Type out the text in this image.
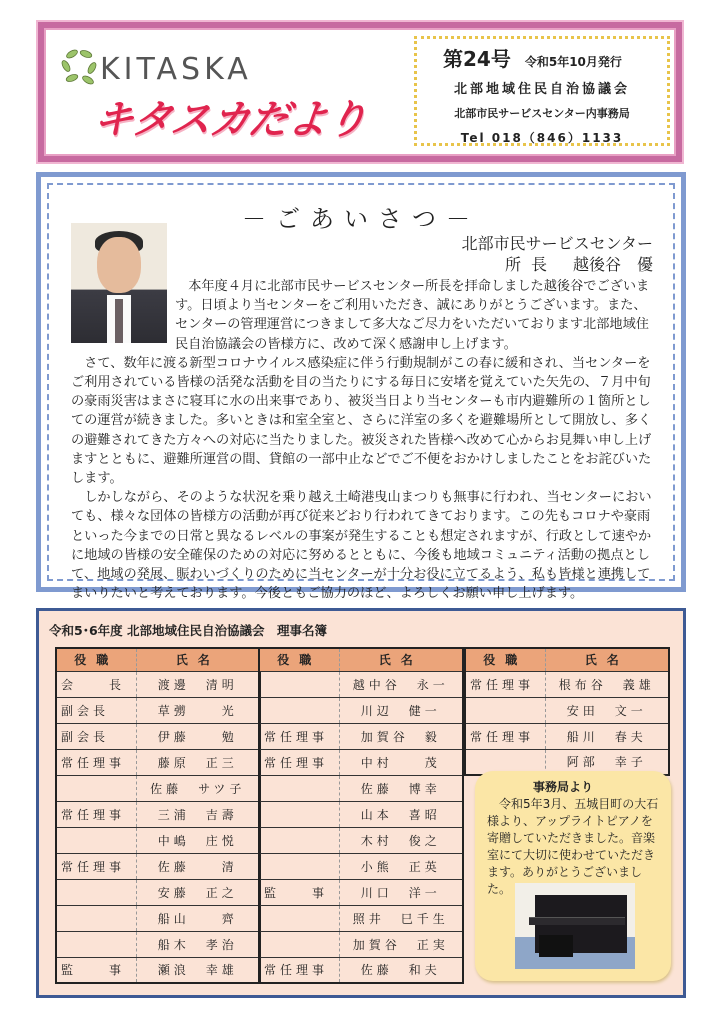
KITASKA
キタスカだより
第24号 令和5年10月発行
北部地域住民自治協議会
北部市民サービスセンター内事務局
Tel 018（846）1133
－ごあいさつ－
北部市民サービスセンター
所長　 越後谷　優

本年度４月に北部市民サービスセンター所長を拝命しました越後谷でございます。日頃より当センターをご利用いただき、誠にありがとうございます。また、センターの管理運営につきまして多大なご尽力をいただいております北部地域住民自治協議会の皆様方に、改めて深く感謝申し上げます。

さて、数年に渡る新型コロナウイルス感染症に伴う行動規制がこの春に緩和され、当センターをご利用されている皆様の活発な活動を目の当たりにする毎日に安堵を覚えていた矢先の、７月中旬の豪雨災害はまさに寝耳に水の出来事であり、被災当日より当センターも市内避難所の１箇所としての運営が続きました。多いときは和室全室と、さらに洋室の多くを避難場所として開放し、多くの避難されてきた方々への対応に当たりました。被災された皆様へ改めて心からお見舞い申し上げますとともに、避難所運営の間、貸館の一部中止などでご不便をおかけしましたことをお詫びいたします。

しかしながら、そのような状況を乗り越え土崎港曳山まつりも無事に行われ、当センターにおいても、様々な団体の皆様方の活動が再び従来どおり行われてきております。この先もコロナや豪雨といった今までの日常と異なるレベルの事案が発生することも想定されますが、行政として速やかに地域の皆様の安全確保のための対応に努めるとともに、今後も地域コミュニティ活動の拠点として、地域の発展、賑わいづくりのために当センターが十分お役に立てるよう、私も皆様と連携してまいりたいと考えております。今後ともご協力のほど、よろしくお願い申し上げます。

令和5･6年度 北部地域住民自治協議会　理事名簿
役職	氏名
会　　長	渡邊　清明
副会長	草彅　　光
副会長	伊藤　　勉
常任理事	藤原　正三
	佐藤　サツ子
常任理事	三浦　吉壽
	中嶋　庄悦
常任理事	佐藤　　清
	安藤　正之
	船山　　齊
	船木　孝治
監　　事	瀬浪　幸雄
役職	氏名
	越中谷　永一
	川辺　健一
常任理事	加賀谷　毅
常任理事	中村　　茂
	佐藤　博幸
	山本　喜昭
	木村　俊之
	小熊　正英
監　　事	川口　洋一
	照井　巳千生
	加賀谷　正実
常任理事	佐藤　和夫
役職	氏名
常任理事	根布谷　義雄
	安田　文一
常任理事	船川　春夫
	阿部　幸子
事務局より
令和5年3月、五城目町の大石様より、アップライトピアノを寄贈していただきました。音楽室にて大切に使わせていただきます。ありがとうございました。
